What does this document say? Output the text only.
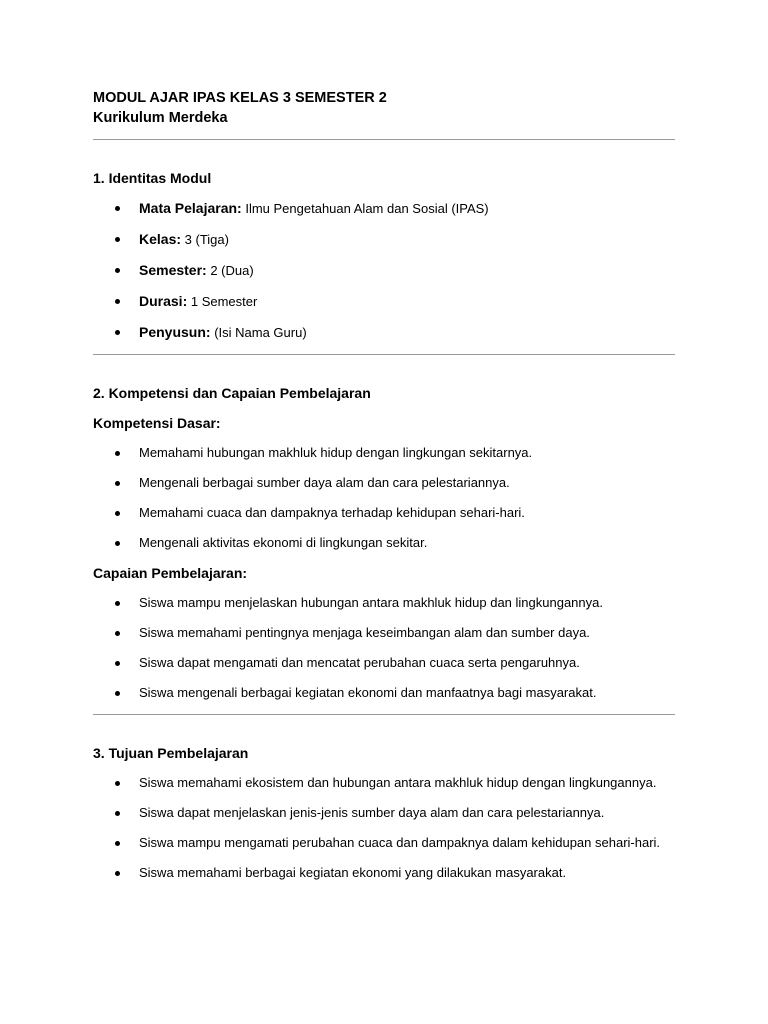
MODUL AJAR IPAS KELAS 3 SEMESTER 2

Kurikulum Merdeka

1. Identitas Modul

Mata Pelajaran: Ilmu Pengetahuan Alam dan Sosial (IPAS)
Kelas: 3 (Tiga)
Semester: 2 (Dua)
Durasi: 1 Semester
Penyusun: (Isi Nama Guru)

2. Kompetensi dan Capaian Pembelajaran

Kompetensi Dasar:

Memahami hubungan makhluk hidup dengan lingkungan sekitarnya.
Mengenali berbagai sumber daya alam dan cara pelestariannya.
Memahami cuaca dan dampaknya terhadap kehidupan sehari-hari.
Mengenali aktivitas ekonomi di lingkungan sekitar.

Capaian Pembelajaran:

Siswa mampu menjelaskan hubungan antara makhluk hidup dan lingkungannya.
Siswa memahami pentingnya menjaga keseimbangan alam dan sumber daya.
Siswa dapat mengamati dan mencatat perubahan cuaca serta pengaruhnya.
Siswa mengenali berbagai kegiatan ekonomi dan manfaatnya bagi masyarakat.

3. Tujuan Pembelajaran

Siswa memahami ekosistem dan hubungan antara makhluk hidup dengan lingkungannya.
Siswa dapat menjelaskan jenis-jenis sumber daya alam dan cara pelestariannya.
Siswa mampu mengamati perubahan cuaca dan dampaknya dalam kehidupan sehari-hari.
Siswa memahami berbagai kegiatan ekonomi yang dilakukan masyarakat.
